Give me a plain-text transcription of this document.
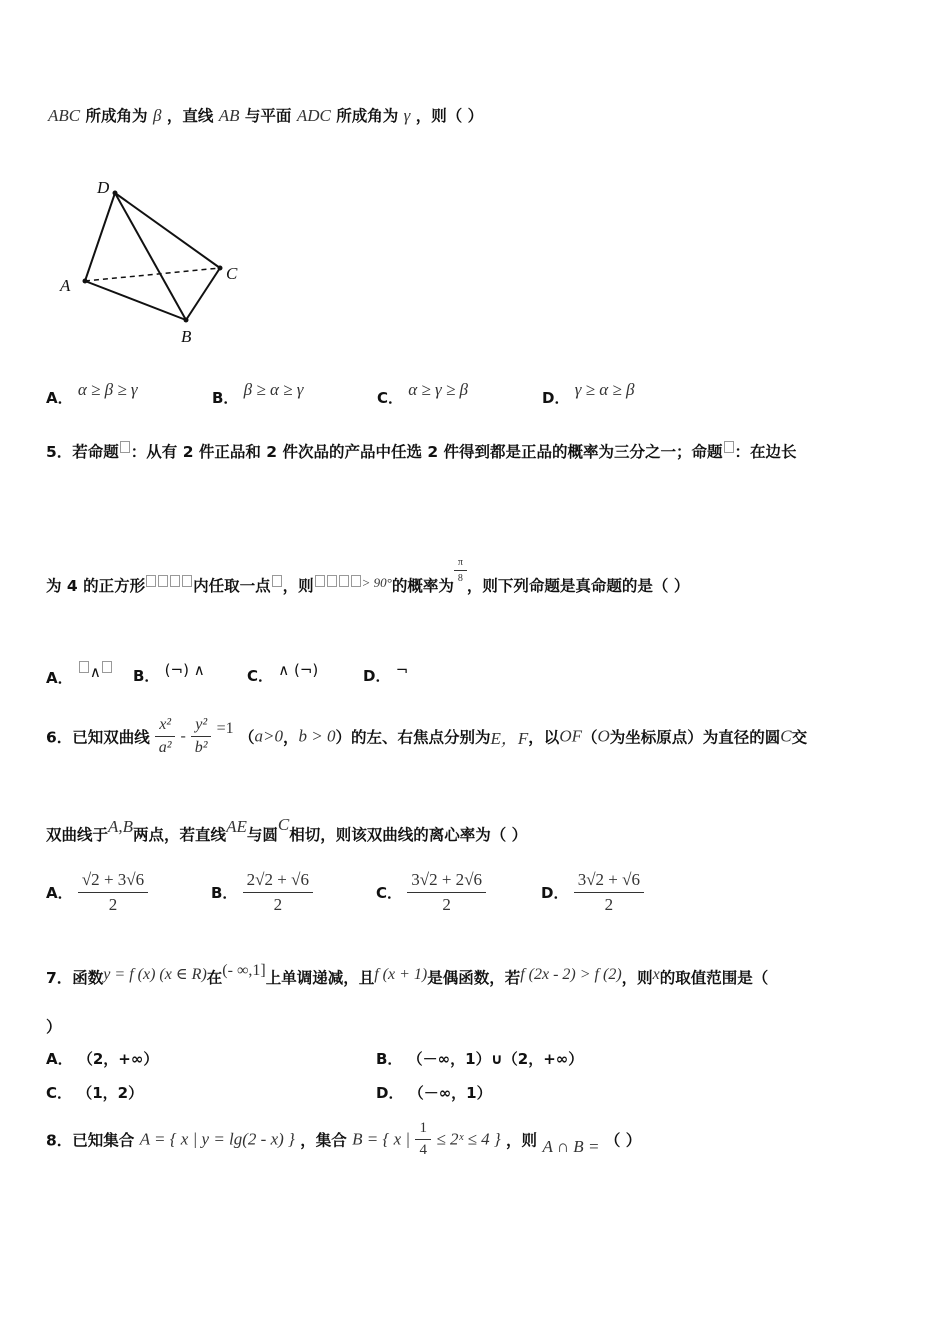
ABC 所成角为 β ，直线 AB 与平面 ADC 所成角为 γ ，则（ ）
D
A
C
B
A． α ≥ β ≥ γ	B． β ≥ α ≥ γ	C． α ≥ γ ≥ β	D． γ ≥ α ≥ β
5．若命题 ：从有 2 件正品和 2 件次品的产品中任选 2 件得到都是正品的概率为三分之一；命题 ：在边长
为 4 的正方形	内任取一点 ，则	$^{> 90^\circ}$的概率为
$\frac{\pi}{8}$
，则下列命题是真命题的是（ ）
A． ∧	B． (¬) ∧	C． ∧ (¬)	D． ¬
6．已知双曲线 $\frac{\text{x²}}{\text{a²}} - \frac{\text{y²}}{\text{b²}} =1$ （a>0，b > 0）的左、右焦点分别为E，F，以OF（O为坐标原点）为直径的圆C交
双曲线于A,B两点，若直线AE与圆C相切，则该双曲线的离心率为（ ）
A． $\frac{√2 + 3√6}{2}$	B． $\frac{2√2 + √6}{2}$	C． $\frac{3√2 + 2√6}{2}$	D． $\frac{3√2 + √6}{2}$
7．函数y = f (x) (x ∈ R)在(- ∞,1]上单调递减，且f (x + 1)是偶函数，若f (2x - 2) > f (2)，则x的取值范围是（
）
A． （2，+∞）	B． （－∞，1）∪（2，+∞）
C． （1，2）	D． （－∞，1）
8．已知集合 A = { x | y = lg(2 - x) } ，集合 B = { x | $\frac{1}{4}$ ≤ 2ˣ ≤ 4 } ，则 A ∩ B = （ ）
